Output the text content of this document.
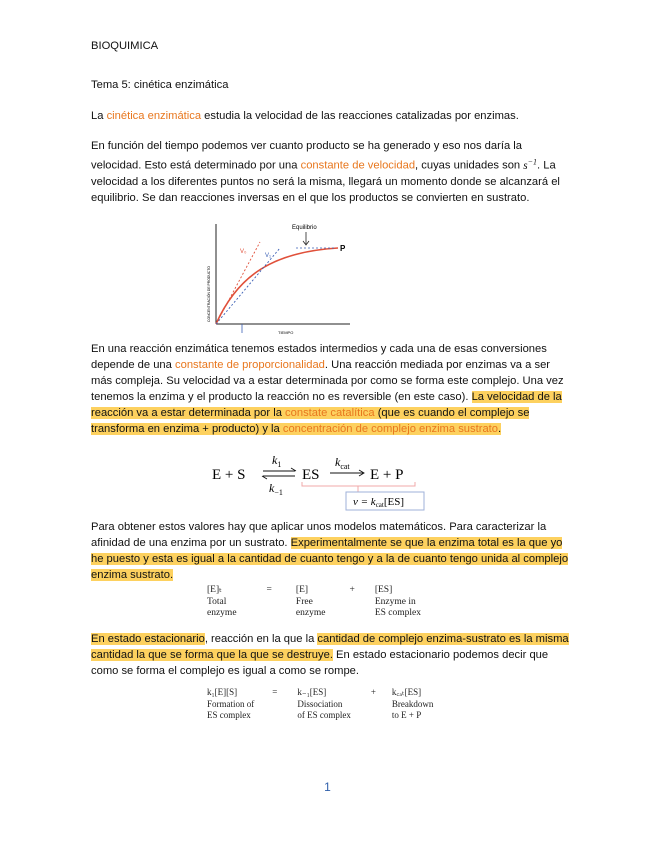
BIOQUIMICA
Tema 5: cinética enzimática
La cinética enzimática estudia la velocidad de las reacciones catalizadas por enzimas.
En función del tiempo podemos ver cuanto producto se ha generado y eso nos daría la velocidad. Esto está determinado por una constante de velocidad, cuyas unidades son $s^{-1}$. La velocidad a los diferentes puntos no será la misma, llegará un momento donde se alcanzará el equilibrio. Se dan reacciones inversas en el que los productos se convierten en sustrato.
Equilibrio
P
V₀
V₁
TIEMPO
CONCENTRACIÓN DE PRODUCTO
En una reacción enzimática tenemos estados intermedios y cada una de esas conversiones depende de una constante de proporcionalidad. Una reacción mediada por enzimas va a ser más compleja. Su velocidad va a estar determinada por como se forma este complejo. Una vez tenemos la enzima y el producto la reacción no es reversible (en este caso). La velocidad de la reacción va a estar determinada por la constate catalítica (que es cuando el complejo se transforma en enzima + producto) y la concentración de complejo enzima sustrato.
E + S
$k_1$
$k_{-1}$
ES
$k_{cat}$
E + P
v = kcat[ES]
Para obtener estos valores hay que aplicar unos modelos matemáticos. Para caracterizar la afinidad de una enzima por un sustrato. Experimentalmente se que la enzima total es la que yo he puesto y esta es igual a la cantidad de cuanto tengo y a la de cuanto tengo unida al complejo enzima sustrato.
[E]ₜ	=	[E]	+	[ES]
Total		Free		Enzyme in
enzyme		enzyme		ES complex
En estado estacionario, reacción en la que la cantidad de complejo enzima-sustrato es la misma cantidad la que se forma que la que se destruye. En estado estacionario podemos decir que como se forma el complejo es igual a como se rompe.
k₁[E][S]	=	k₋₁[ES]	+	k꜀ₐₜ[ES]
Formation of		Dissociation		Breakdown
ES complex		of ES complex		to E + P
1
